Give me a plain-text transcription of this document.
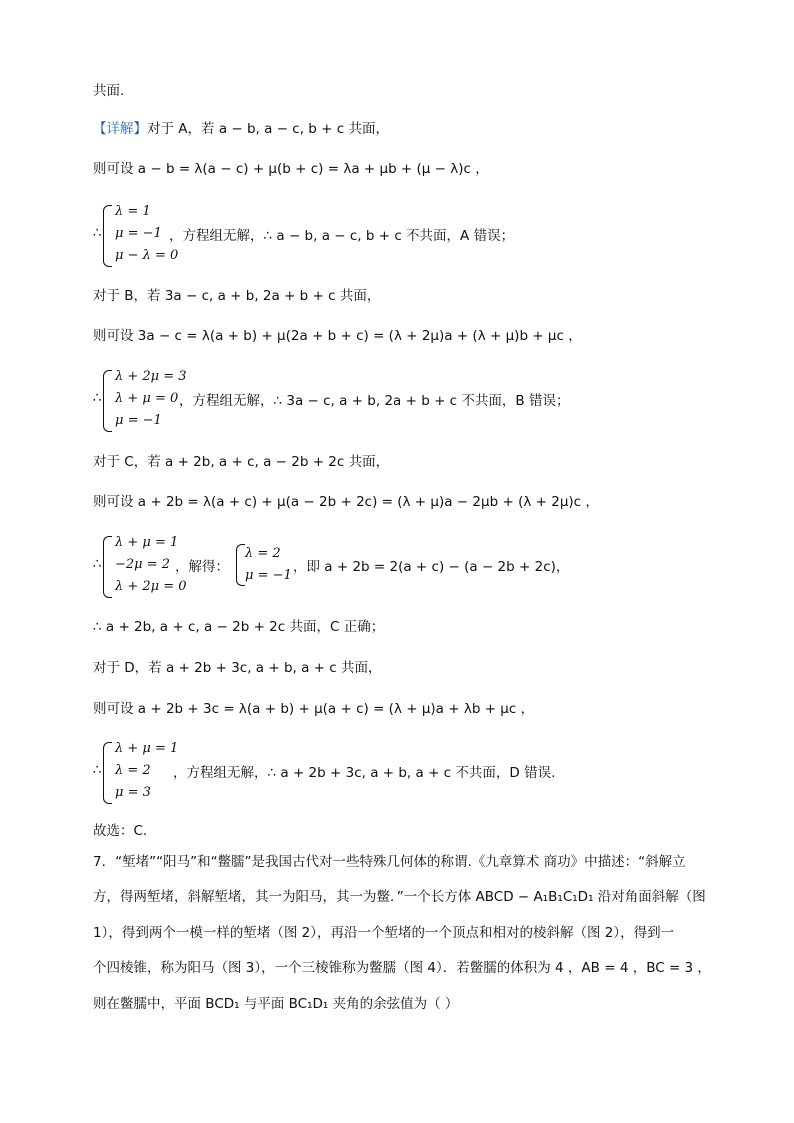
共面.
【详解】对于 A，若 a − b, a − c, b + c 共面，
则可设 a − b = λ(a − c) + μ(b + c) = λa + μb + (μ − λ)c ，
∴
λ = 1
μ = −1
μ − λ = 0
，方程组无解，∴ a − b, a − c, b + c 不共面，A 错误；
对于 B，若 3a − c, a + b, 2a + b + c 共面，
则可设 3a − c = λ(a + b) + μ(2a + b + c) = (λ + 2μ)a + (λ + μ)b + μc ，
∴
λ + 2μ = 3
λ + μ = 0
μ = −1
，方程组无解，∴ 3a − c, a + b, 2a + b + c 不共面，B 错误；
对于 C，若 a + 2b, a + c, a − 2b + 2c 共面，
则可设 a + 2b = λ(a + c) + μ(a − 2b + 2c) = (λ + μ)a − 2μb + (λ + 2μ)c ，
∴
λ + μ = 1
−2μ = 2
λ + 2μ = 0
，解得：
λ = 2
μ = −1
，即 a + 2b = 2(a + c) − (a − 2b + 2c)，
∴ a + 2b, a + c, a − 2b + 2c 共面，C 正确；
对于 D，若 a + 2b + 3c, a + b, a + c 共面，
则可设 a + 2b + 3c = λ(a + b) + μ(a + c) = (λ + μ)a + λb + μc ，
∴
λ + μ = 1
λ = 2
μ = 3
，方程组无解，∴ a + 2b + 3c, a + b, a + c 不共面，D 错误.
故选：C.
7．“堑堵”“阳马”和“鳖臑”是我国古代对一些特殊几何体的称谓.《九章算术 商功》中描述：“斜解立
方，得两堑堵，斜解堑堵，其一为阳马，其一为鳖．”一个长方体 ABCD − A₁B₁C₁D₁ 沿对角面斜解（图
1），得到两个一模一样的堑堵（图 2），再沿一个堑堵的一个顶点和相对的棱斜解（图 2），得到一
个四棱锥，称为阳马（图 3），一个三棱锥称为鳖臑（图 4）．若鳖臑的体积为 4 ，AB = 4 ，BC = 3 ，
则在鳖臑中，平面 BCD₁ 与平面 BC₁D₁ 夹角的余弦值为（ ）
